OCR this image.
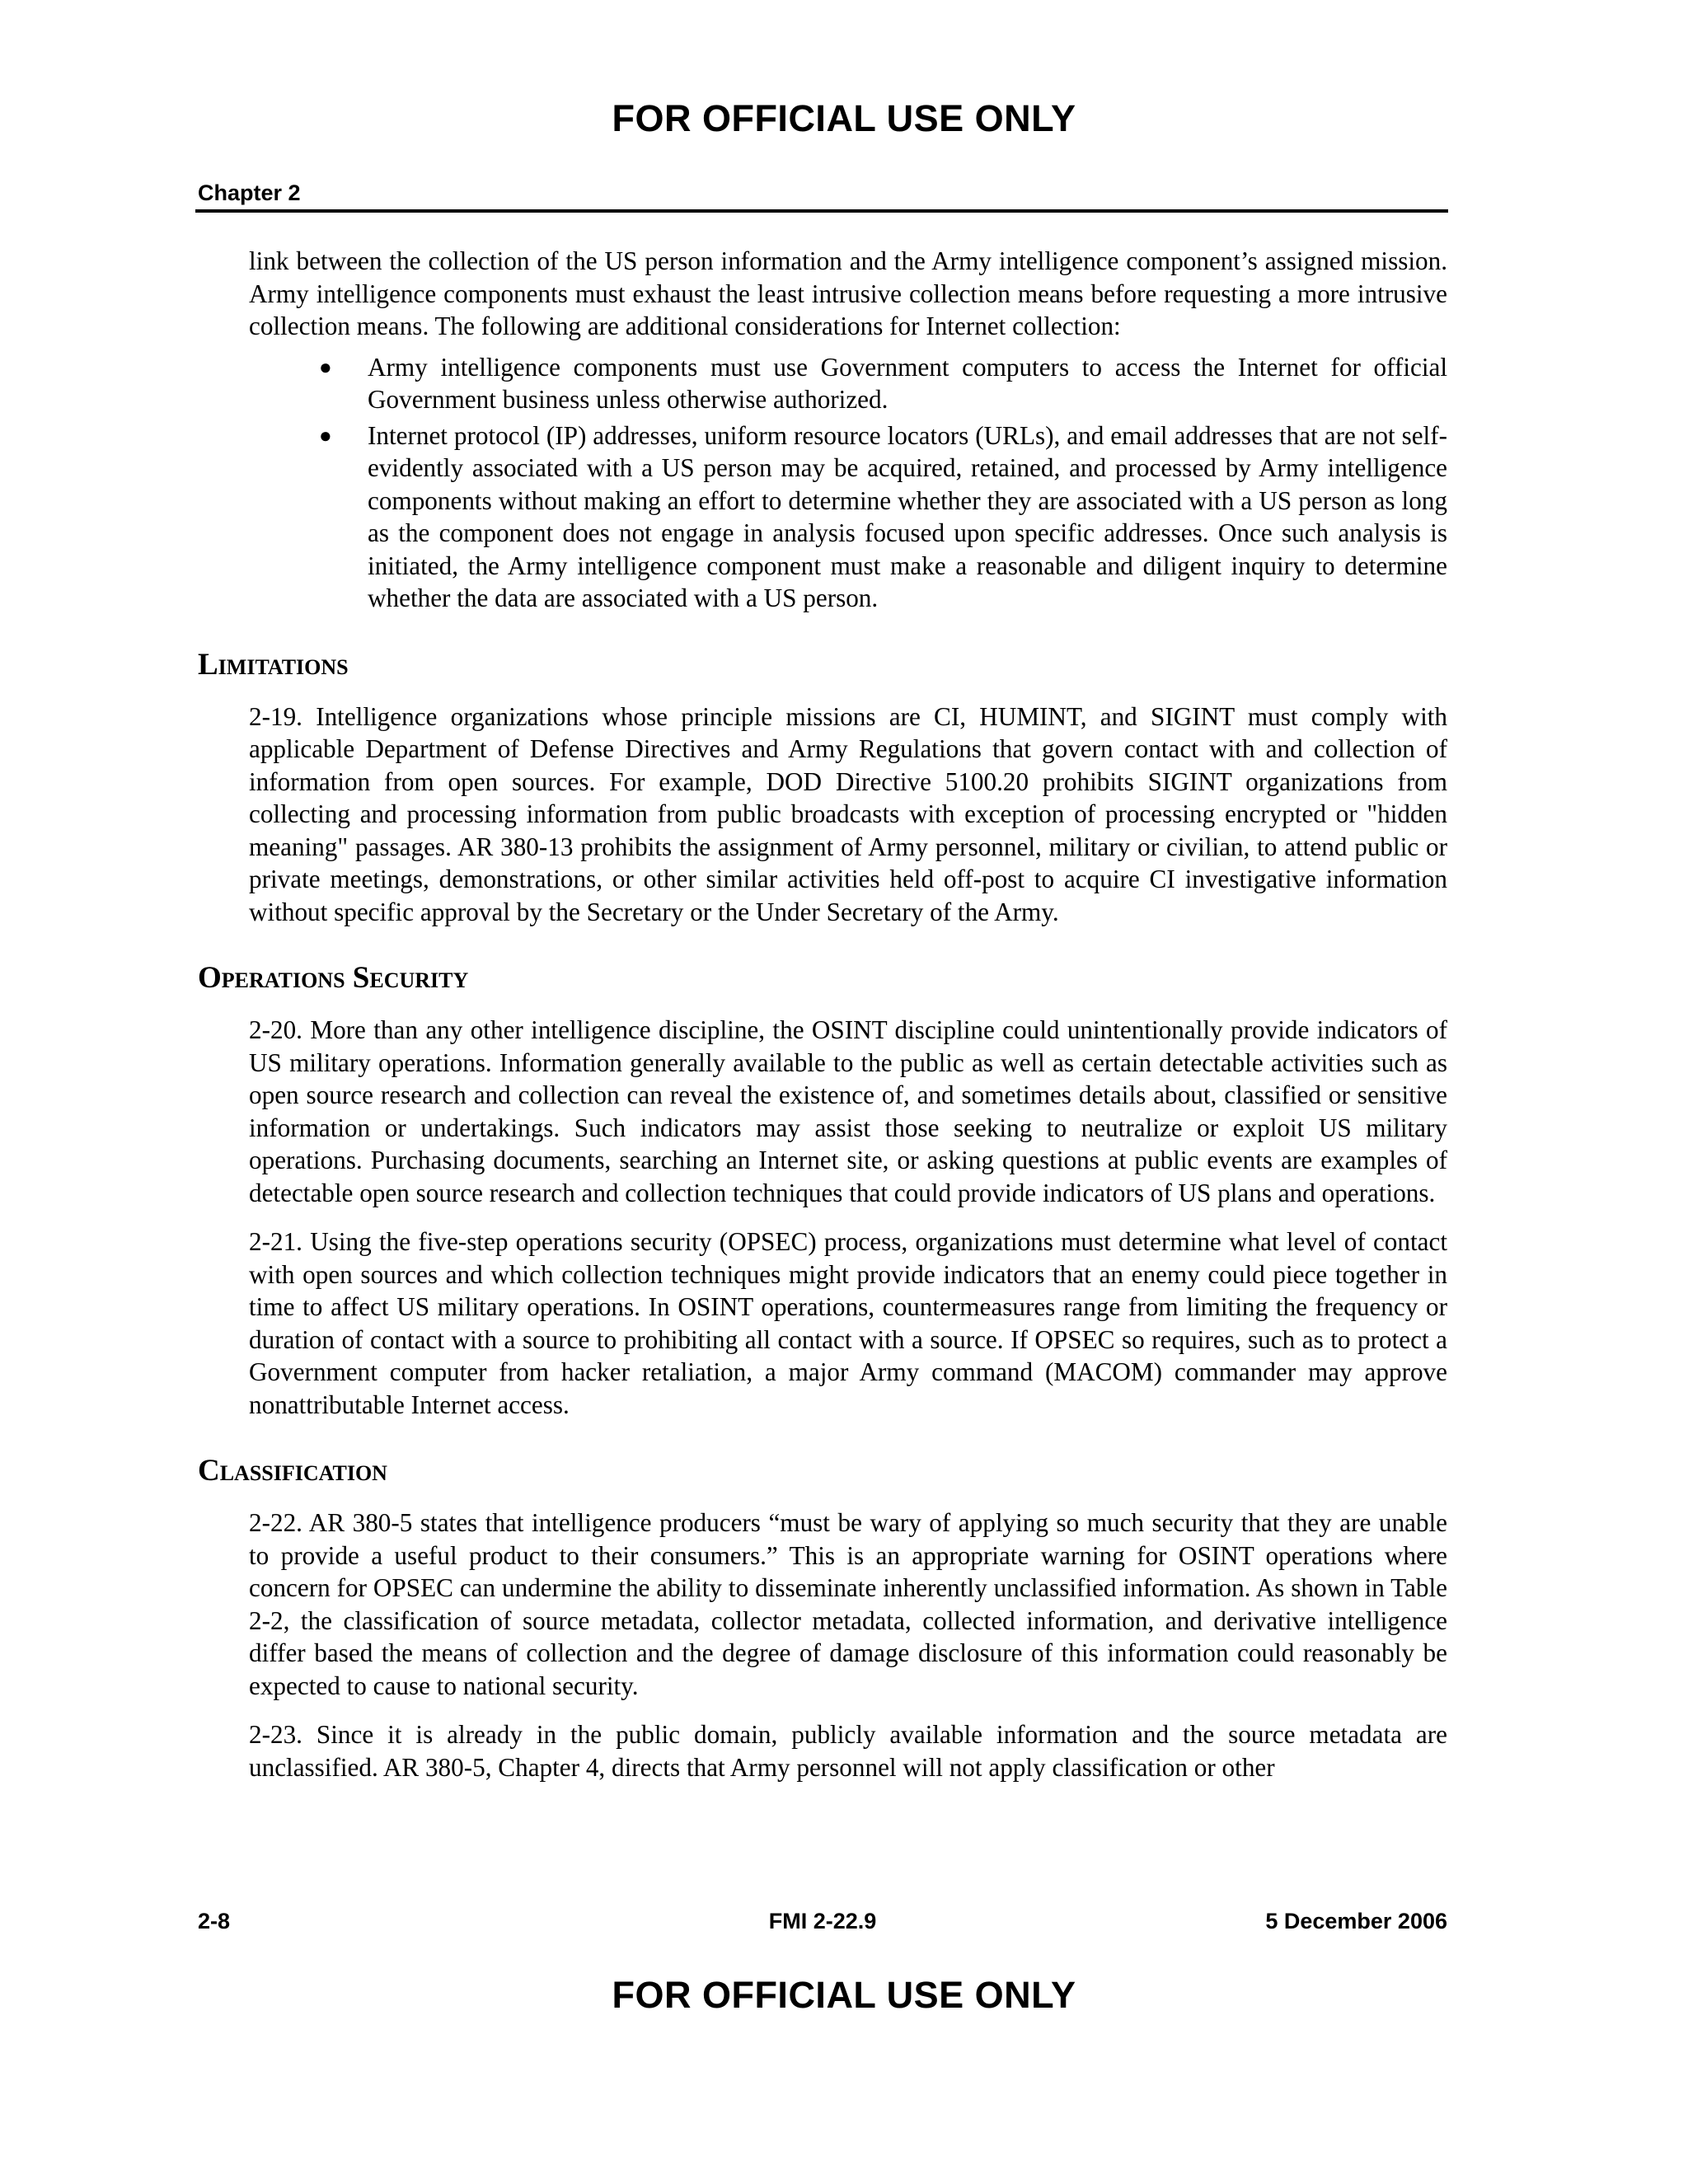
FOR OFFICIAL USE ONLY
Chapter 2

link between the collection of the US person information and the Army intelligence component’s assigned mission. Army intelligence components must exhaust the least intrusive collection means before requesting a more intrusive collection means. The following are additional considerations for Internet collection:

● Army intelligence components must use Government computers to access the Internet for official Government business unless otherwise authorized.
● Internet protocol (IP) addresses, uniform resource locators (URLs), and email addresses that are not self-evidently associated with a US person may be acquired, retained, and processed by Army intelligence components without making an effort to determine whether they are associated with a US person as long as the component does not engage in analysis focused upon specific addresses. Once such analysis is initiated, the Army intelligence component must make a reasonable and diligent inquiry to determine whether the data are associated with a US person.
Limitations

2-19. Intelligence organizations whose principle missions are CI, HUMINT, and SIGINT must comply with applicable Department of Defense Directives and Army Regulations that govern contact with and collection of information from open sources. For example, DOD Directive 5100.20 prohibits SIGINT organizations from collecting and processing information from public broadcasts with exception of processing encrypted or "hidden meaning" passages. AR 380-13 prohibits the assignment of Army personnel, military or civilian, to attend public or private meetings, demonstrations, or other similar activities held off-post to acquire CI investigative information without specific approval by the Secretary or the Under Secretary of the Army.

Operations Security

2-20. More than any other intelligence discipline, the OSINT discipline could unintentionally provide indicators of US military operations. Information generally available to the public as well as certain detectable activities such as open source research and collection can reveal the existence of, and sometimes details about, classified or sensitive information or undertakings. Such indicators may assist those seeking to neutralize or exploit US military operations. Purchasing documents, searching an Internet site, or asking questions at public events are examples of detectable open source research and collection techniques that could provide indicators of US plans and operations.

2-21. Using the five-step operations security (OPSEC) process, organizations must determine what level of contact with open sources and which collection techniques might provide indicators that an enemy could piece together in time to affect US military operations. In OSINT operations, countermeasures range from limiting the frequency or duration of contact with a source to prohibiting all contact with a source. If OPSEC so requires, such as to protect a Government computer from hacker retaliation, a major Army command (MACOM) commander may approve nonattributable Internet access.

Classification

2-22. AR 380-5 states that intelligence producers “must be wary of applying so much security that they are unable to provide a useful product to their consumers.” This is an appropriate warning for OSINT operations where concern for OPSEC can undermine the ability to disseminate inherently unclassified information. As shown in Table 2-2, the classification of source metadata, collector metadata, collected information, and derivative intelligence differ based the means of collection and the degree of damage disclosure of this information could reasonably be expected to cause to national security.

2-23. Since it is already in the public domain, publicly available information and the source metadata are unclassified. AR 380-5, Chapter 4, directs that Army personnel will not apply classification or other

2-8	FMI 2-22.9	5 December 2006
FOR OFFICIAL USE ONLY
